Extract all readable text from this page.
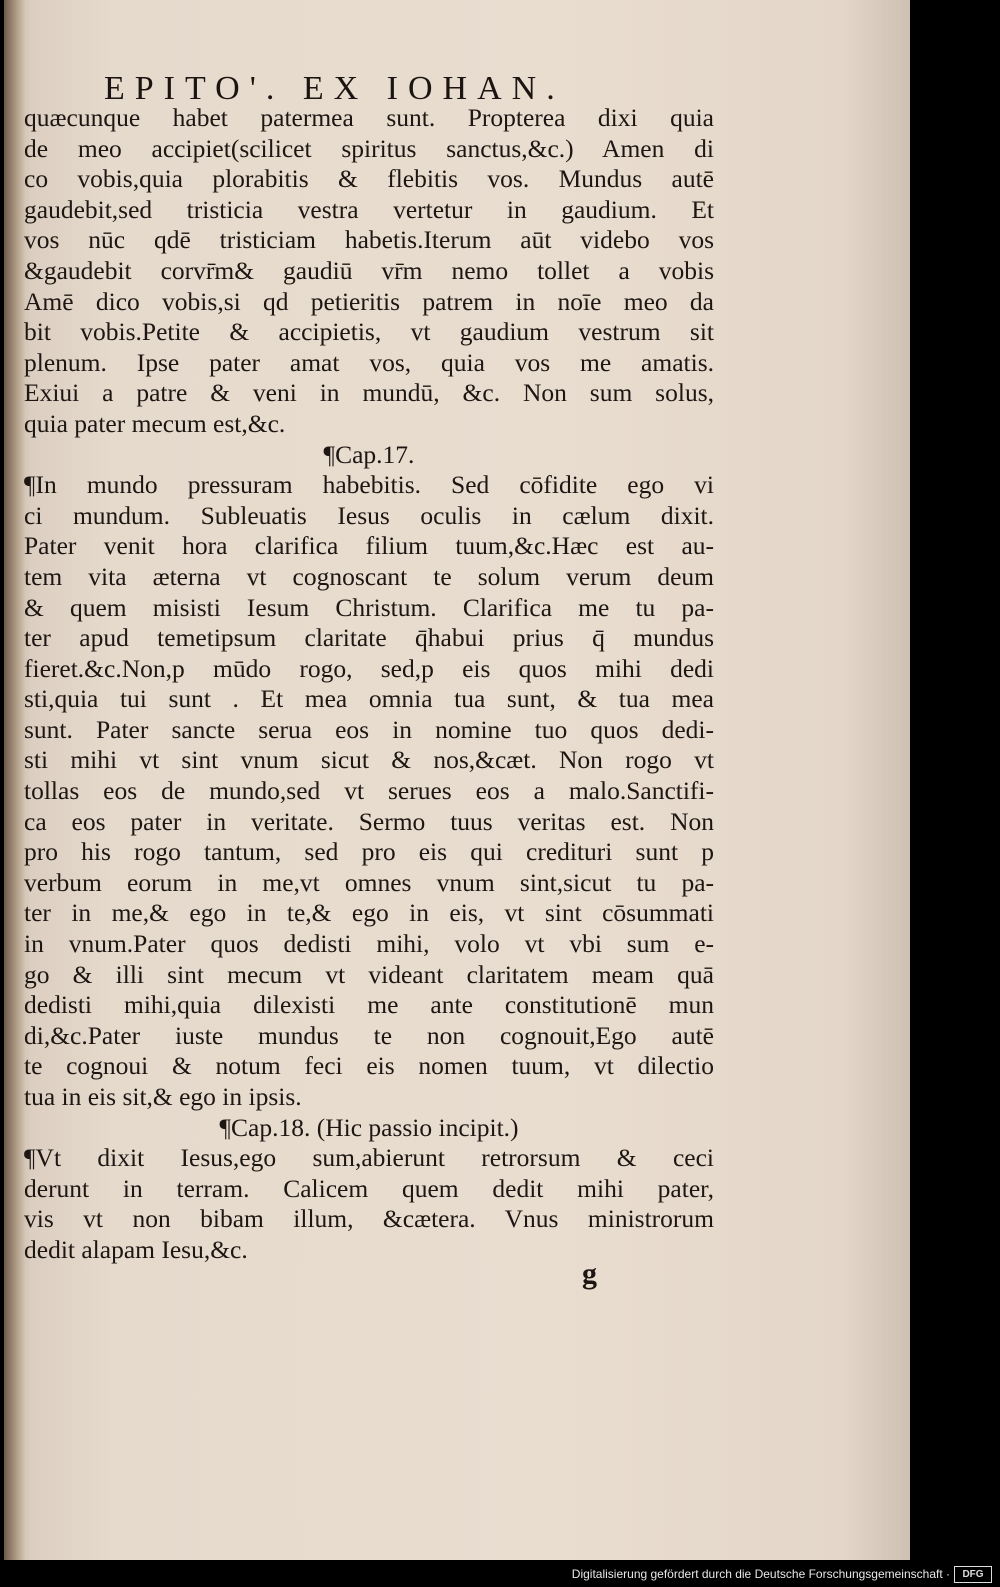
EPITO'. EX IOHAN.
quæcunque habet patermea sunt. Propterea dixi quia
de meo accipiet(scilicet spiritus sanctus,&c.) Amen di
co vobis,quia plorabitis & flebitis vos. Mundus autē
gaudebit,sed tristicia vestra vertetur in gaudium. Et
vos nūc qdē tristiciam habetis.Iterum aūt videbo vos
&gaudebit corvr̄m& gaudiū vr̄m nemo tollet a vobis
Amē dico vobis,si qd petieritis patrem in noīe meo da
bit vobis.Petite & accipietis, vt gaudium vestrum sit
plenum. Ipse pater amat vos, quia vos me amatis.
Exiui a patre & veni in mundū, &c. Non sum solus,
quia pater mecum est,&c.
¶Cap.17.
¶In mundo pressuram habebitis. Sed cōfidite ego vi
ci mundum. Subleuatis Iesus oculis in cælum dixit.
Pater venit hora clarifica filium tuum,&c.Hæc est au-
tem vita æterna vt cognoscant te solum verum deum
& quem misisti Iesum Christum. Clarifica me tu pa-
ter apud temetipsum claritate q̄habui prius q̄ mundus
fieret.&c.Non,p mūdo rogo, sed,p eis quos mihi dedi
sti,quia tui sunt . Et mea omnia tua sunt, & tua mea
sunt. Pater sancte serua eos in nomine tuo quos dedi-
sti mihi vt sint vnum sicut & nos,&cæt. Non rogo vt
tollas eos de mundo,sed vt serues eos a malo.Sanctifi-
ca eos pater in veritate. Sermo tuus veritas est. Non
pro his rogo tantum, sed pro eis qui credituri sunt p
verbum eorum in me,vt omnes vnum sint,sicut tu pa-
ter in me,& ego in te,& ego in eis, vt sint cōsummati
in vnum.Pater quos dedisti mihi, volo vt vbi sum e-
go & illi sint mecum vt videant claritatem meam quā
dedisti mihi,quia dilexisti me ante constitutionē mun
di,&c.Pater iuste mundus te non cognouit,Ego autē
te cognoui & notum feci eis nomen tuum, vt dilectio
tua in eis sit,& ego in ipsis.
¶Cap.18. (Hic passio incipit.)
¶Vt dixit Iesus,ego sum,abierunt retrorsum & ceci
derunt in terram. Calicem quem dedit mihi pater,
vis vt non bibam illum, &cætera. Vnus ministrorum
dedit alapam Iesu,&c.
g
Digitalisierung gefördert durch die Deutsche Forschungsgemeinschaft ·	DFG
